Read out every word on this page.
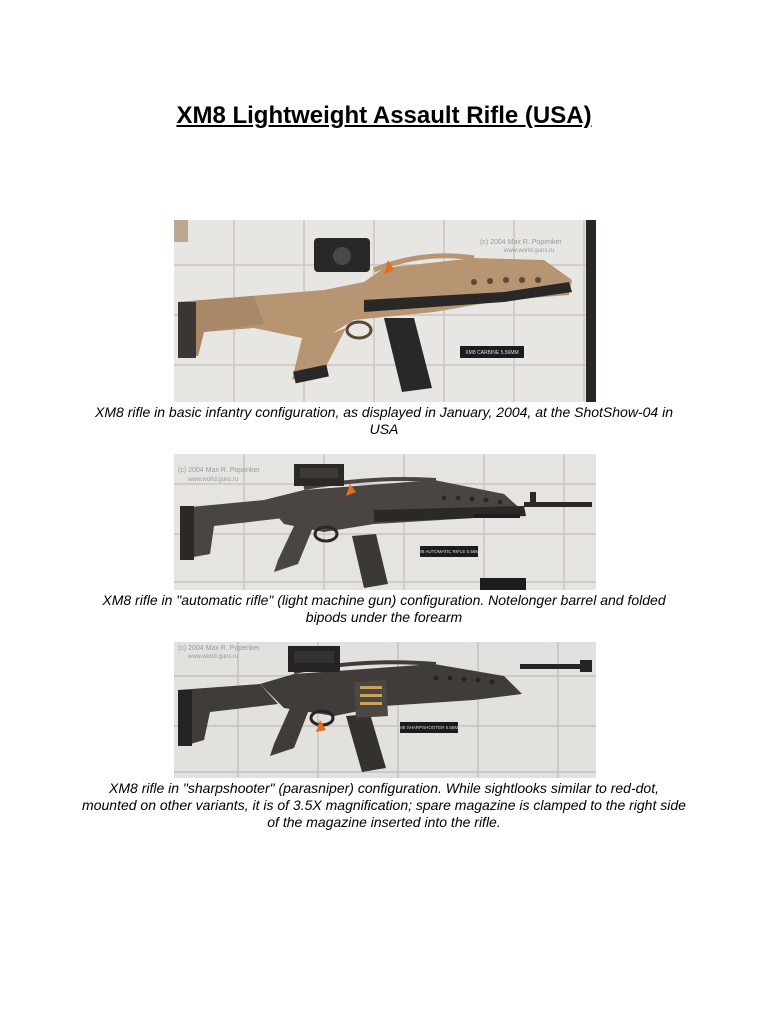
XM8 Lightweight Assault Rifle (USA)
XM8 CARBINE 5.56MM
(c) 2004 Max R. Popenker
www.world.guns.ru
XM8 rifle in basic infantry configuration, as displayed in January, 2004, at the ShotShow-04 in USA
XM8 AUTOMATIC RIFLE 5.56MM
(c) 2004 Max R. Popenker
www.world.guns.ru
XM8 rifle in "automatic rifle" (light machine gun) configuration. Notelonger barrel and folded bipods under the forearm
XM8 SHARPSHOOTER 5.56MM
(c) 2004 Max R. Popenker
www.world.guns.ru
XM8 rifle in "sharpshooter" (parasniper) configuration. While sightlooks similar to red-dot, mounted on other variants, it is of 3.5X magnification; spare magazine is clamped to the right side of the magazine inserted into the rifle.
